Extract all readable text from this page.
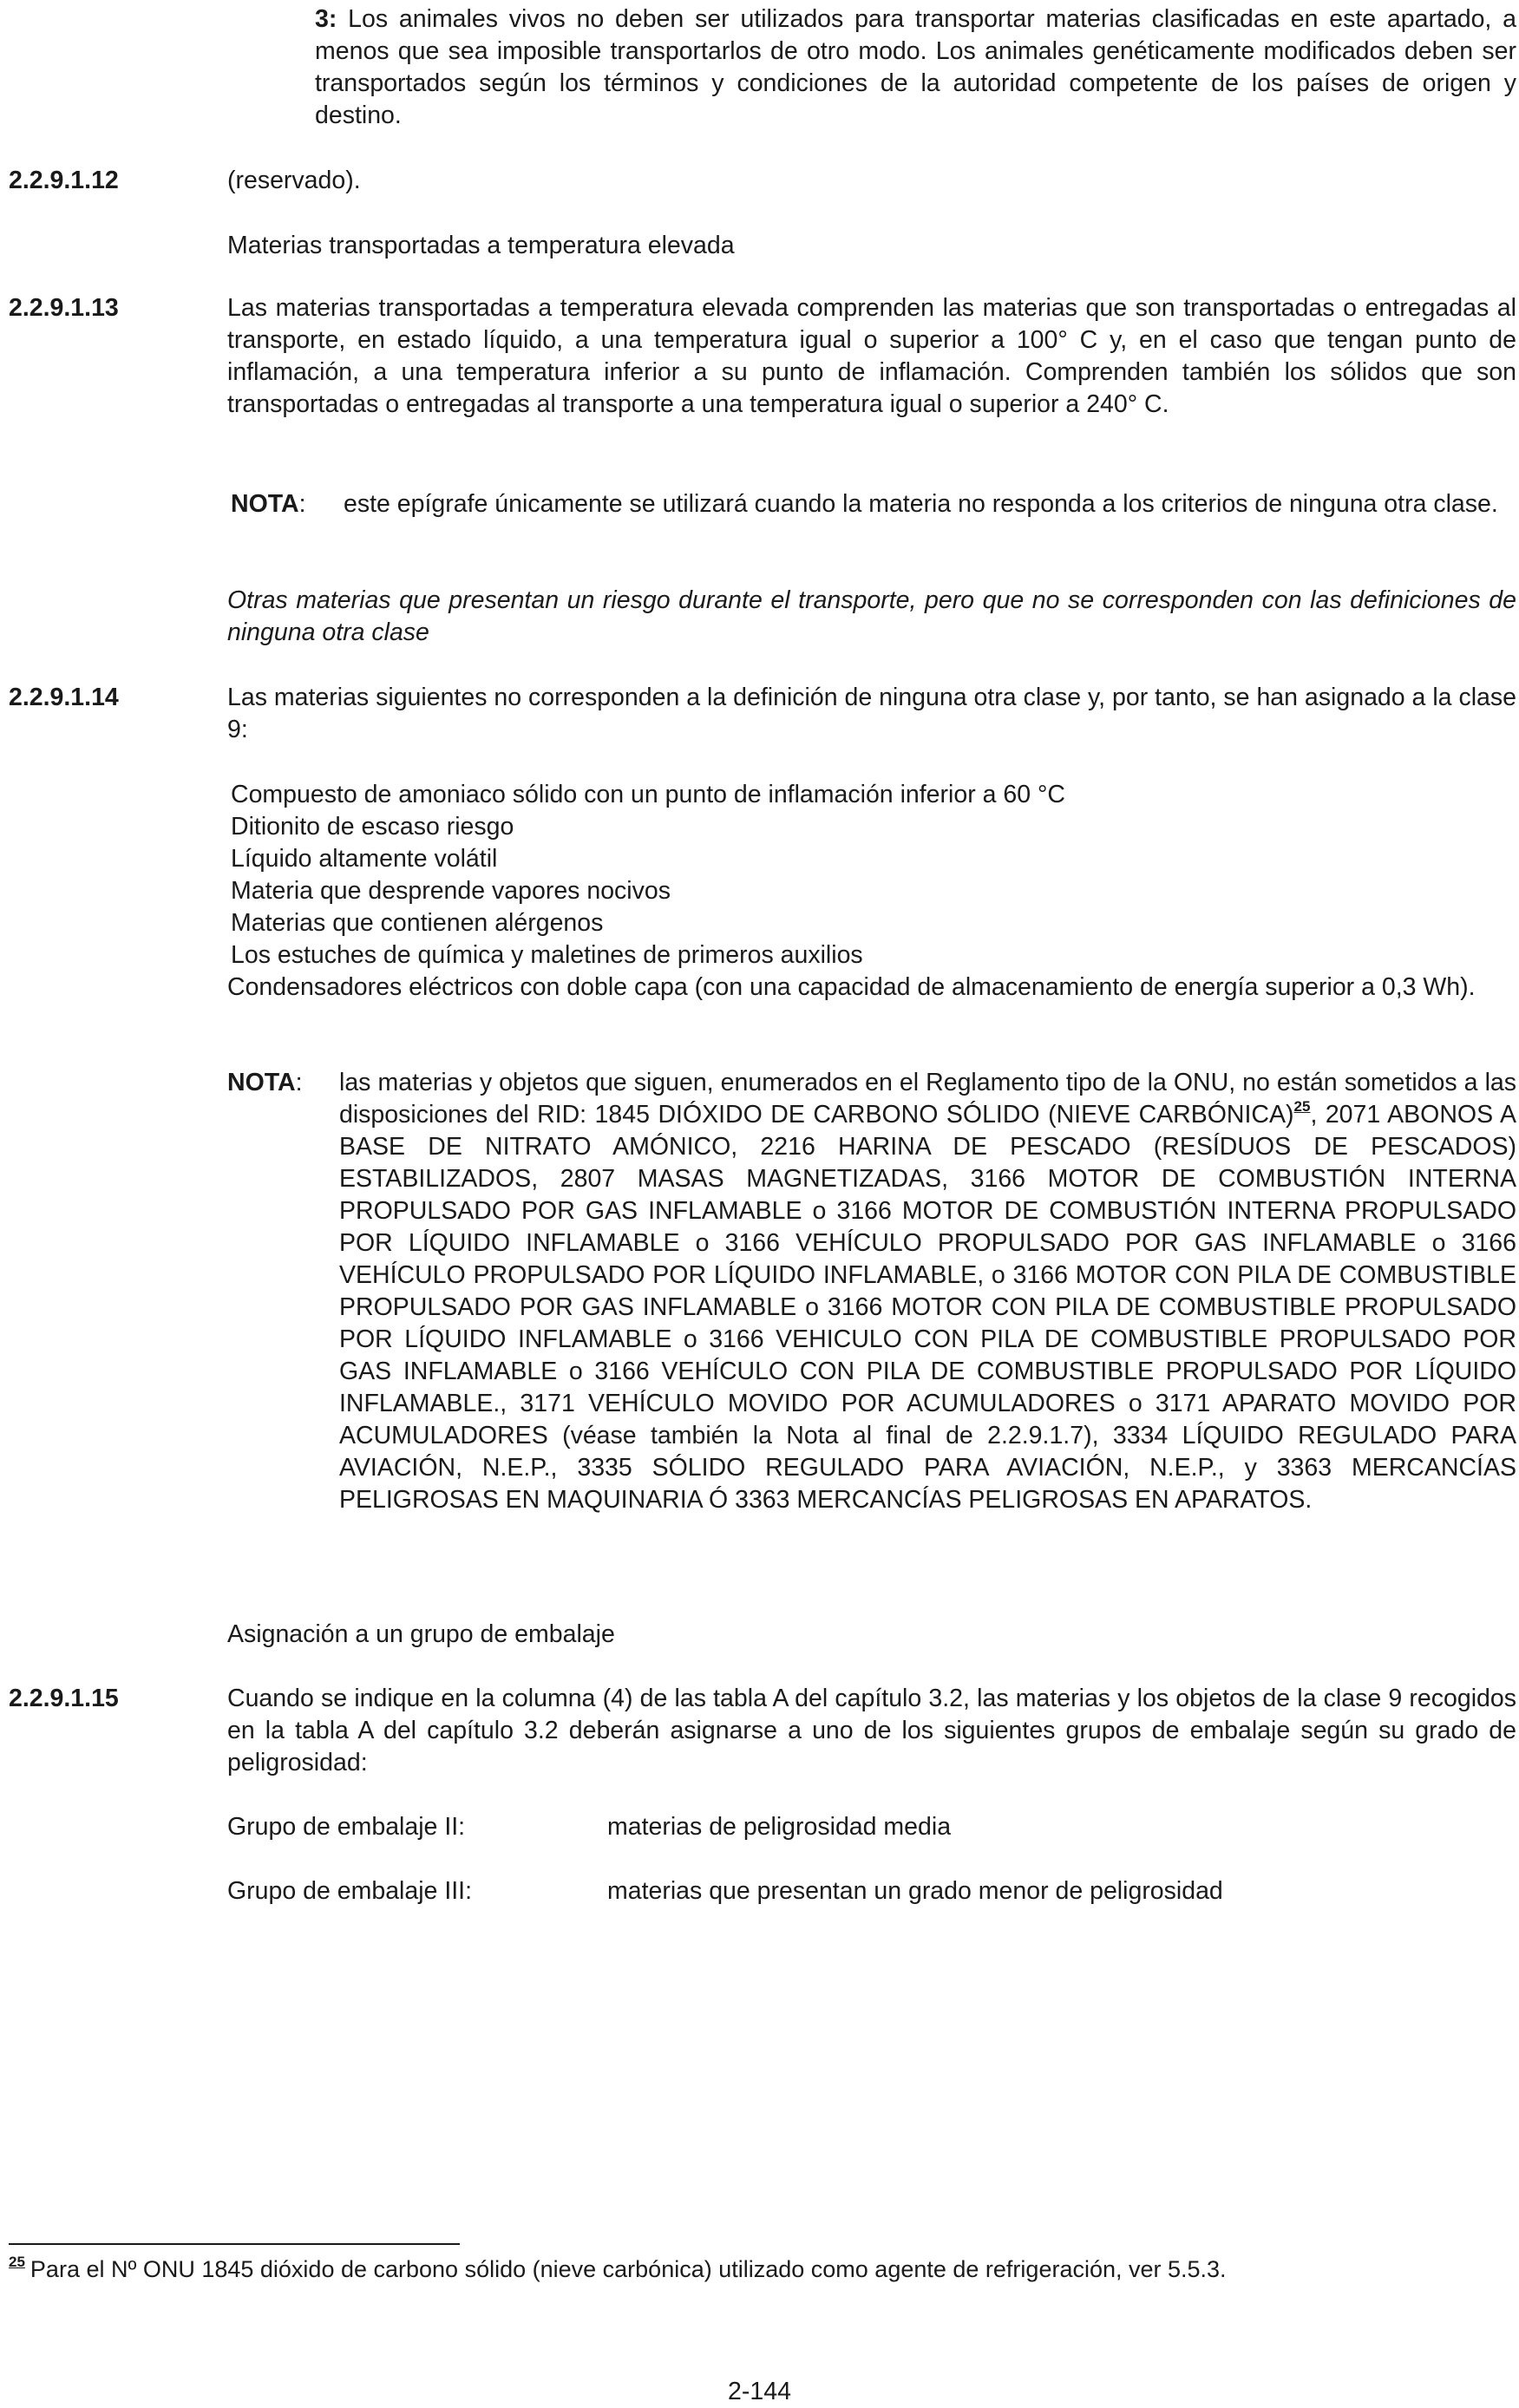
3: Los animales vivos no deben ser utilizados para transportar materias clasificadas en este apartado, a menos que sea imposible transportarlos de otro modo. Los animales genéticamente modificados deben ser transportados según los términos y condiciones de la autoridad competente de los países de origen y destino.
2.2.9.1.12	(reservado).
Materias transportadas a temperatura elevada
2.2.9.1.13	Las materias transportadas a temperatura elevada comprenden las materias que son transportadas o entregadas al transporte, en estado líquido, a una temperatura igual o superior a 100° C y, en el caso que tengan punto de inflamación, a una temperatura inferior a su punto de inflamación. Comprenden también los sólidos que son transportadas o entregadas al transporte a una temperatura igual o superior a 240° C.
NOTA: este epígrafe únicamente se utilizará cuando la materia no responda a los criterios de ninguna otra clase.
Otras materias que presentan un riesgo durante el transporte, pero que no se corresponden con las definiciones de ninguna otra clase
2.2.9.1.14	Las materias siguientes no corresponden a la definición de ninguna otra clase y, por tanto, se han asignado a la clase 9:
Compuesto de amoniaco sólido con un punto de inflamación inferior a 60 °C
Ditionito de escaso riesgo
Líquido altamente volátil
Materia que desprende vapores nocivos
Materias que contienen alérgenos
Los estuches de química y maletines de primeros auxilios
Condensadores eléctricos con doble capa (con una capacidad de almacenamiento de energía superior a 0,3 Wh).
NOTA: las materias y objetos que siguen, enumerados en el Reglamento tipo de la ONU, no están sometidos a las disposiciones del RID: 1845 DIÓXIDO DE CARBONO SÓLIDO (NIEVE CARBÓNICA)$^{25}$, 2071 ABONOS A BASE DE NITRATO AMÓNICO, 2216 HARINA DE PESCADO (RESÍDUOS DE PESCADOS) ESTABILIZADOS, 2807 MASAS MAGNETIZADAS, 3166 MOTOR DE COMBUSTIÓN INTERNA PROPULSADO POR GAS INFLAMABLE o 3166 MOTOR DE COMBUSTIÓN INTERNA PROPULSADO POR LÍQUIDO INFLAMABLE o 3166 VEHÍCULO PROPULSADO POR GAS INFLAMABLE o 3166 VEHÍCULO PROPULSADO POR LÍQUIDO INFLAMABLE, o 3166 MOTOR CON PILA DE COMBUSTIBLE PROPULSADO POR GAS INFLAMABLE o 3166 MOTOR CON PILA DE COMBUSTIBLE PROPULSADO POR LÍQUIDO INFLAMABLE o 3166 VEHICULO CON PILA DE COMBUSTIBLE PROPULSADO POR GAS INFLAMABLE o 3166 VEHÍCULO CON PILA DE COMBUSTIBLE PROPULSADO POR LÍQUIDO INFLAMABLE., 3171 VEHÍCULO MOVIDO POR ACUMULADORES o 3171 APARATO MOVIDO POR ACUMULADORES (véase también la Nota al final de 2.2.9.1.7), 3334 LÍQUIDO REGULADO PARA AVIACIÓN, N.E.P., 3335 SÓLIDO REGULADO PARA AVIACIÓN, N.E.P., y 3363 MERCANCÍAS PELIGROSAS EN MAQUINARIA Ó 3363 MERCANCÍAS PELIGROSAS EN APARATOS.
Asignación a un grupo de embalaje
2.2.9.1.15	Cuando se indique en la columna (4) de las tabla A del capítulo 3.2, las materias y los objetos de la clase 9 recogidos en la tabla A del capítulo 3.2 deberán asignarse a uno de los siguientes grupos de embalaje según su grado de peligrosidad:
Grupo de embalaje II:	materias de peligrosidad media
Grupo de embalaje III:	materias que presentan un grado menor de peligrosidad
$^{25}$ Para el Nº ONU 1845 dióxido de carbono sólido (nieve carbónica) utilizado como agente de refrigeración, ver 5.5.3.
2-144
